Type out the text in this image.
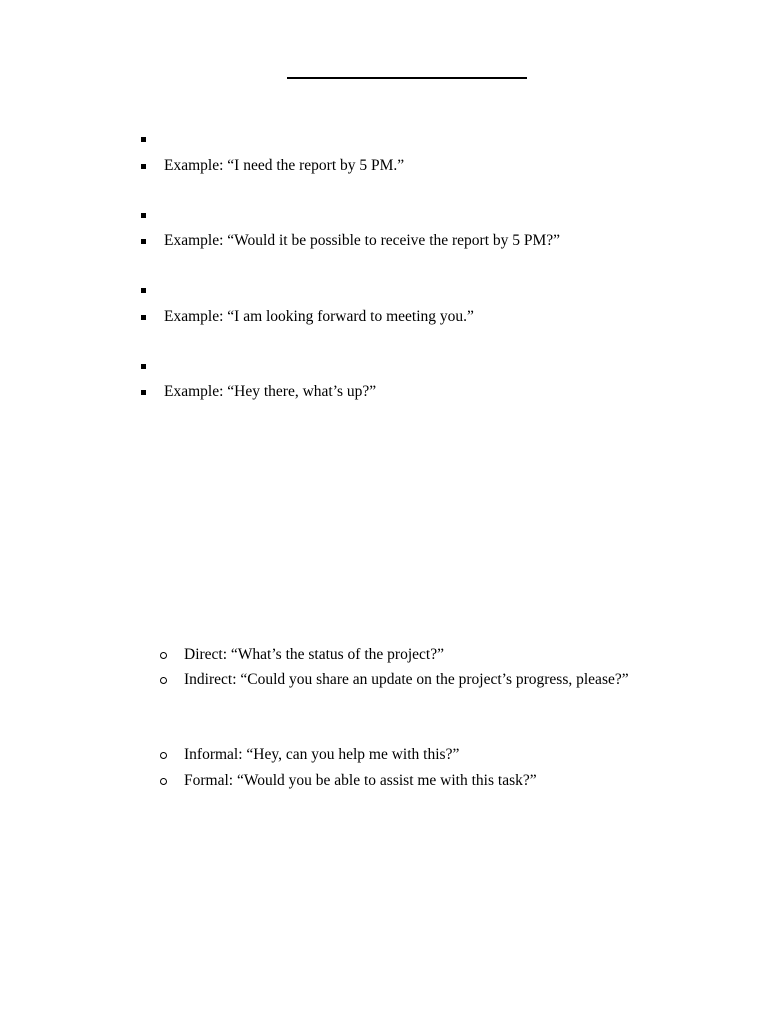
Example: “I need the report by 5 PM.”
Example: “Would it be possible to receive the report by 5 PM?”
Example: “I am looking forward to meeting you.”
Example: “Hey there, what’s up?”
Direct: “What’s the status of the project?”
Indirect: “Could you share an update on the project’s progress, please?”
Informal: “Hey, can you help me with this?”
Formal: “Would you be able to assist me with this task?”
